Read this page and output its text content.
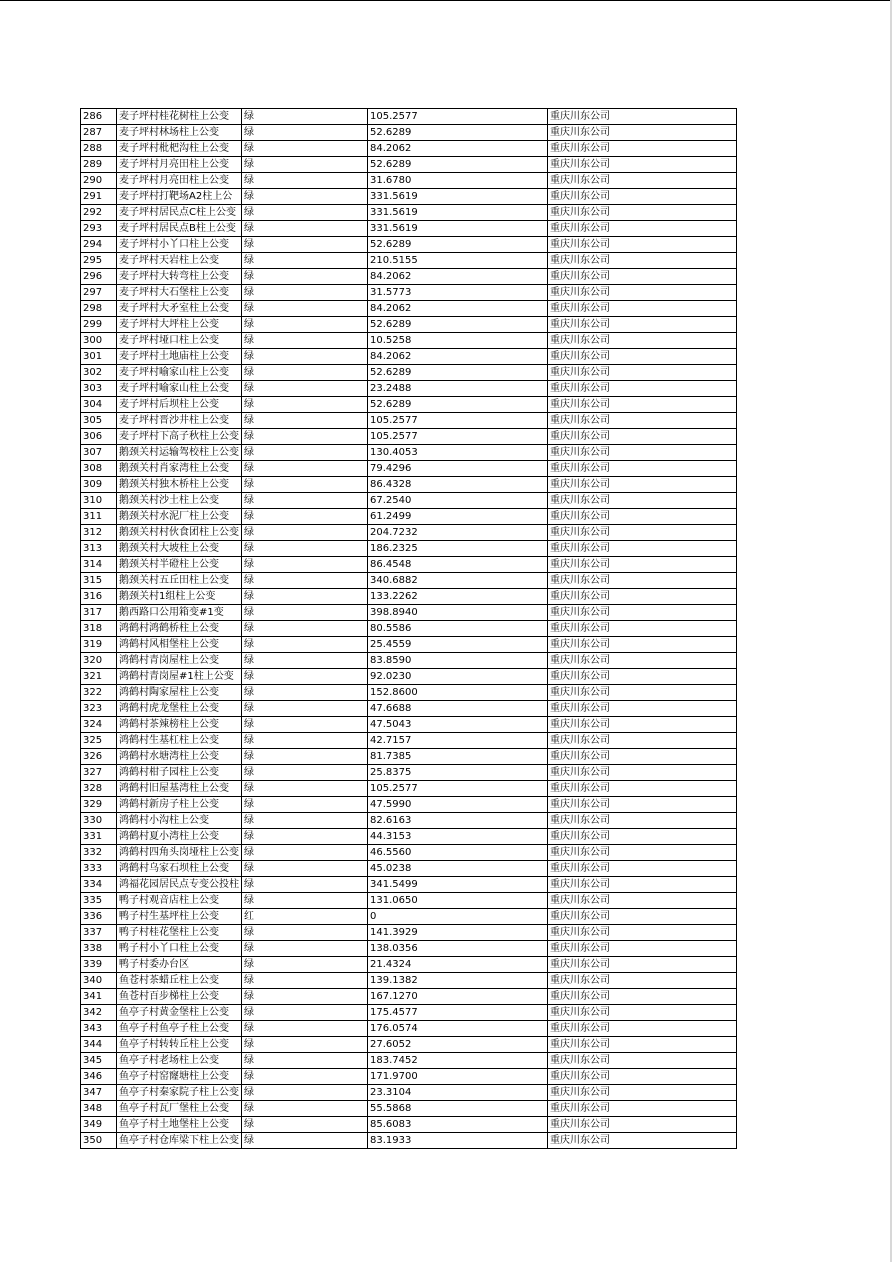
286	麦子坪村桂花树柱上公变	绿	105.2577	重庆川东公司
287	麦子坪村林场柱上公变	绿	52.6289	重庆川东公司
288	麦子坪村枇杷沟柱上公变	绿	84.2062	重庆川东公司
289	麦子坪村月亮田柱上公变	绿	52.6289	重庆川东公司
290	麦子坪村月亮田柱上公变	绿	31.6780	重庆川东公司
291	麦子坪村打靶场A2柱上公	绿	331.5619	重庆川东公司
292	麦子坪村居民点C柱上公变	绿	331.5619	重庆川东公司
293	麦子坪村居民点B柱上公变	绿	331.5619	重庆川东公司
294	麦子坪村小丫口柱上公变	绿	52.6289	重庆川东公司
295	麦子坪村天岩柱上公变	绿	210.5155	重庆川东公司
296	麦子坪村大转弯柱上公变	绿	84.2062	重庆川东公司
297	麦子坪村大石堡柱上公变	绿	31.5773	重庆川东公司
298	麦子坪村大矛室柱上公变	绿	84.2062	重庆川东公司
299	麦子坪村大坪柱上公变	绿	52.6289	重庆川东公司
300	麦子坪村垭口柱上公变	绿	10.5258	重庆川东公司
301	麦子坪村土地庙柱上公变	绿	84.2062	重庆川东公司
302	麦子坪村喻家山柱上公变	绿	52.6289	重庆川东公司
303	麦子坪村喻家山柱上公变	绿	23.2488	重庆川东公司
304	麦子坪村后坝柱上公变	绿	52.6289	重庆川东公司
305	麦子坪村晋沙井柱上公变	绿	105.2577	重庆川东公司
306	麦子坪村下高子秋柱上公变	绿	105.2577	重庆川东公司
307	鹅颈关村运输驾校柱上公变	绿	130.4053	重庆川东公司
308	鹅颈关村肖家湾柱上公变	绿	79.4296	重庆川东公司
309	鹅颈关村独木桥柱上公变	绿	86.4328	重庆川东公司
310	鹅颈关村沙土柱上公变	绿	67.2540	重庆川东公司
311	鹅颈关村水泥厂柱上公变	绿	61.2499	重庆川东公司
312	鹅颈关村村伙食团柱上公变	绿	204.7232	重庆川东公司
313	鹅颈关村大坡柱上公变	绿	186.2325	重庆川东公司
314	鹅颈关村半磴柱上公变	绿	86.4548	重庆川东公司
315	鹅颈关村五丘田柱上公变	绿	340.6882	重庆川东公司
316	鹅颈关村1组柱上公变	绿	133.2262	重庆川东公司
317	鹅西路口公用箱变#1变	绿	398.8940	重庆川东公司
318	鸿鹤村鸿鹤桥柱上公变	绿	80.5586	重庆川东公司
319	鸿鹤村风相堡柱上公变	绿	25.4559	重庆川东公司
320	鸿鹤村青岗屋柱上公变	绿	83.8590	重庆川东公司
321	鸿鹤村青岗屋#1柱上公变	绿	92.0230	重庆川东公司
322	鸿鹤村陶家屋柱上公变	绿	152.8600	重庆川东公司
323	鸿鹤村虎龙堡柱上公变	绿	47.6688	重庆川东公司
324	鸿鹤村茶辣榜柱上公变	绿	47.5043	重庆川东公司
325	鸿鹤村生基杠柱上公变	绿	42.7157	重庆川东公司
326	鸿鹤村水塘湾柱上公变	绿	81.7385	重庆川东公司
327	鸿鹤村柑子园柱上公变	绿	25.8375	重庆川东公司
328	鸿鹤村旧屋基湾柱上公变	绿	105.2577	重庆川东公司
329	鸿鹤村新房子柱上公变	绿	47.5990	重庆川东公司
330	鸿鹤村小沟柱上公变	绿	82.6163	重庆川东公司
331	鸿鹤村夏小湾柱上公变	绿	44.3153	重庆川东公司
332	鸿鹤村四角头岗垭柱上公变	绿	46.5560	重庆川东公司
333	鸿鹤村乌家石坝柱上公变	绿	45.0238	重庆川东公司
334	鸿福花园居民点专变公投柱	绿	341.5499	重庆川东公司
335	鸭子村观音店柱上公变	绿	131.0650	重庆川东公司
336	鸭子村生基坪柱上公变	红	0	重庆川东公司
337	鸭子村桂花堡柱上公变	绿	141.3929	重庆川东公司
338	鸭子村小丫口柱上公变	绿	138.0356	重庆川东公司
339	鸭子村委办台区	绿	21.4324	重庆川东公司
340	鱼苍村茶蜡丘柱上公变	绿	139.1382	重庆川东公司
341	鱼苍村百步梯柱上公变	绿	167.1270	重庆川东公司
342	鱼亭子村黄金堡柱上公变	绿	175.4577	重庆川东公司
343	鱼亭子村鱼亭子柱上公变	绿	176.0574	重庆川东公司
344	鱼亭子村转转丘柱上公变	绿	27.6052	重庆川东公司
345	鱼亭子村老场柱上公变	绿	183.7452	重庆川东公司
346	鱼亭子村窑窿塘柱上公变	绿	171.9700	重庆川东公司
347	鱼亭子村秦家院子柱上公变	绿	23.3104	重庆川东公司
348	鱼亭子村瓦厂堡柱上公变	绿	55.5868	重庆川东公司
349	鱼亭子村土地堡柱上公变	绿	85.6083	重庆川东公司
350	鱼亭子村仓库梁下柱上公变	绿	83.1933	重庆川东公司
